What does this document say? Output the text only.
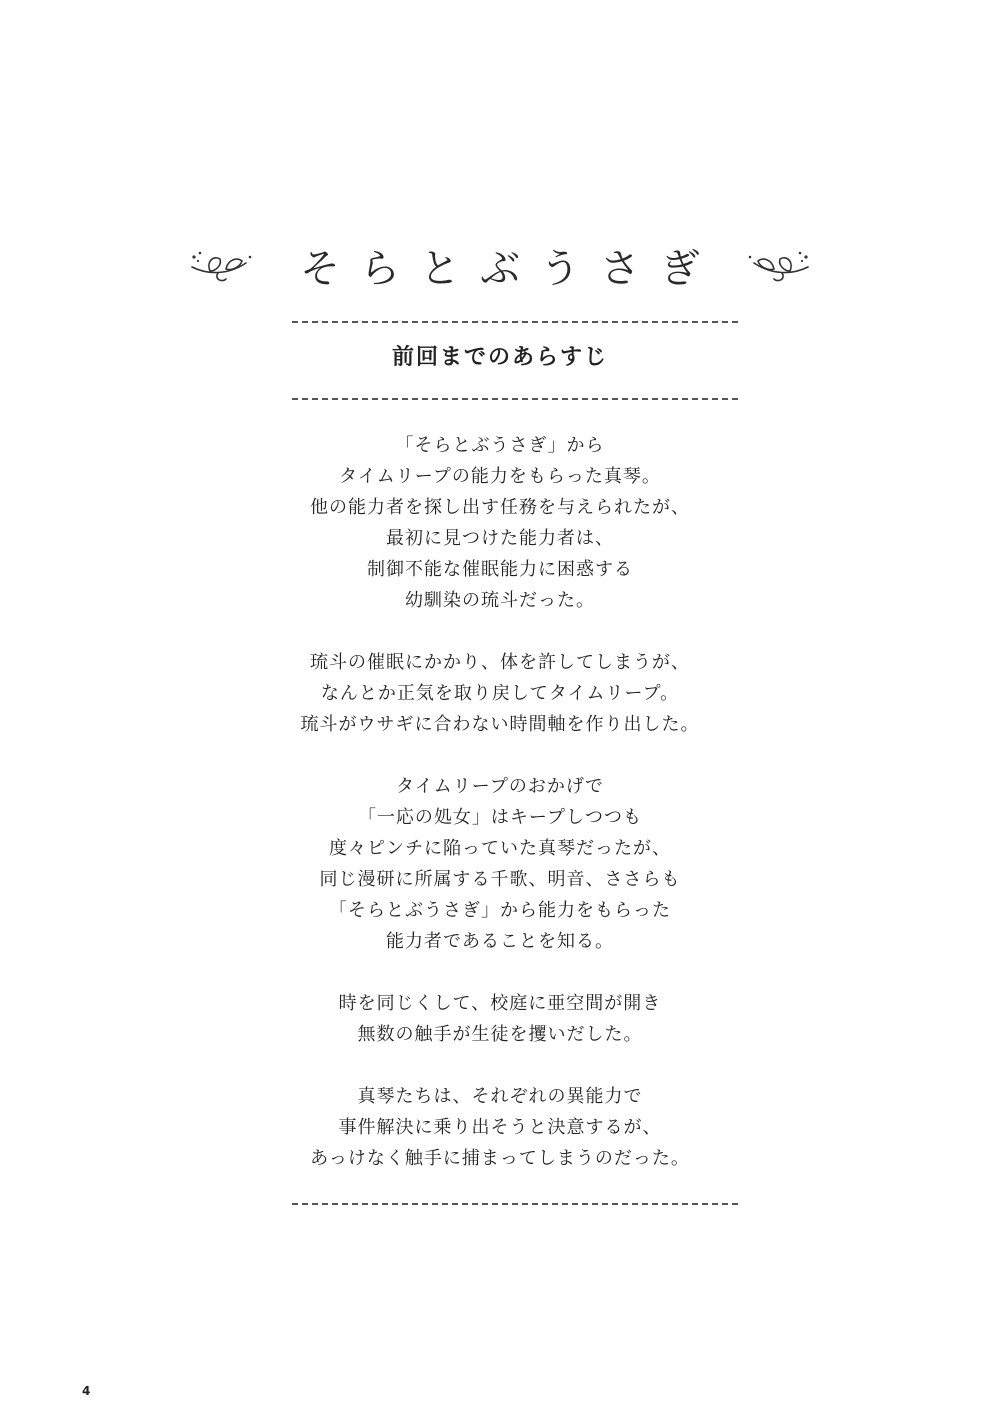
そらとぶうさぎ
前回までのあらすじ
「そらとぶうさぎ」から
タイムリープの能力をもらった真琴。
他の能力者を探し出す任務を与えられたが、
最初に見つけた能力者は、
制御不能な催眠能力に困惑する
幼馴染の琉斗だった。
琉斗の催眠にかかり、体を許してしまうが、
なんとか正気を取り戻してタイムリープ。
琉斗がウサギに合わない時間軸を作り出した。
タイムリープのおかげで
「一応の処女」はキープしつつも
度々ピンチに陥っていた真琴だったが、
同じ漫研に所属する千歌、明音、ささらも
「そらとぶうさぎ」から能力をもらった
能力者であることを知る。
時を同じくして、校庭に亜空間が開き
無数の触手が生徒を攫いだした。
真琴たちは、それぞれの異能力で
事件解決に乗り出そうと決意するが、
あっけなく触手に捕まってしまうのだった。
4
